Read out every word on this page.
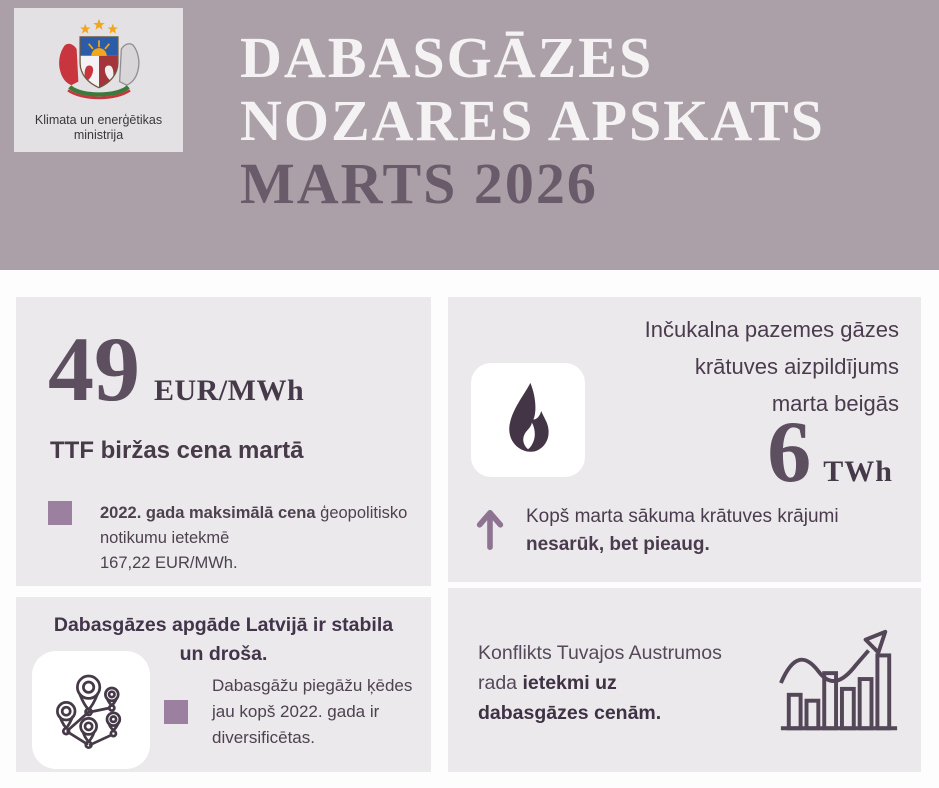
Klimata un enerģētikas
ministrija
DABASGĀZES
NOZARES APSKATS
MARTS 2026
49 EUR/MWh
TTF biržas cena martā
2022. gada maksimālā cena ģeopolitisko notikumu ietekmē
167,22 EUR/MWh.
Inčukalna pazemes gāzes
krātuves aizpildījums
marta beigās
6 TWh
Kopš marta sākuma krātuves krājumi
nesarūk, bet pieaug.
Dabasgāzes apgāde Latvijā ir stabila
un droša.
Dabasgāžu piegāžu ķēdes jau kopš 2022. gada ir diversificētas.
Konflikts Tuvajos Austrumos
rada ietekmi uz
dabasgāzes cenām.
